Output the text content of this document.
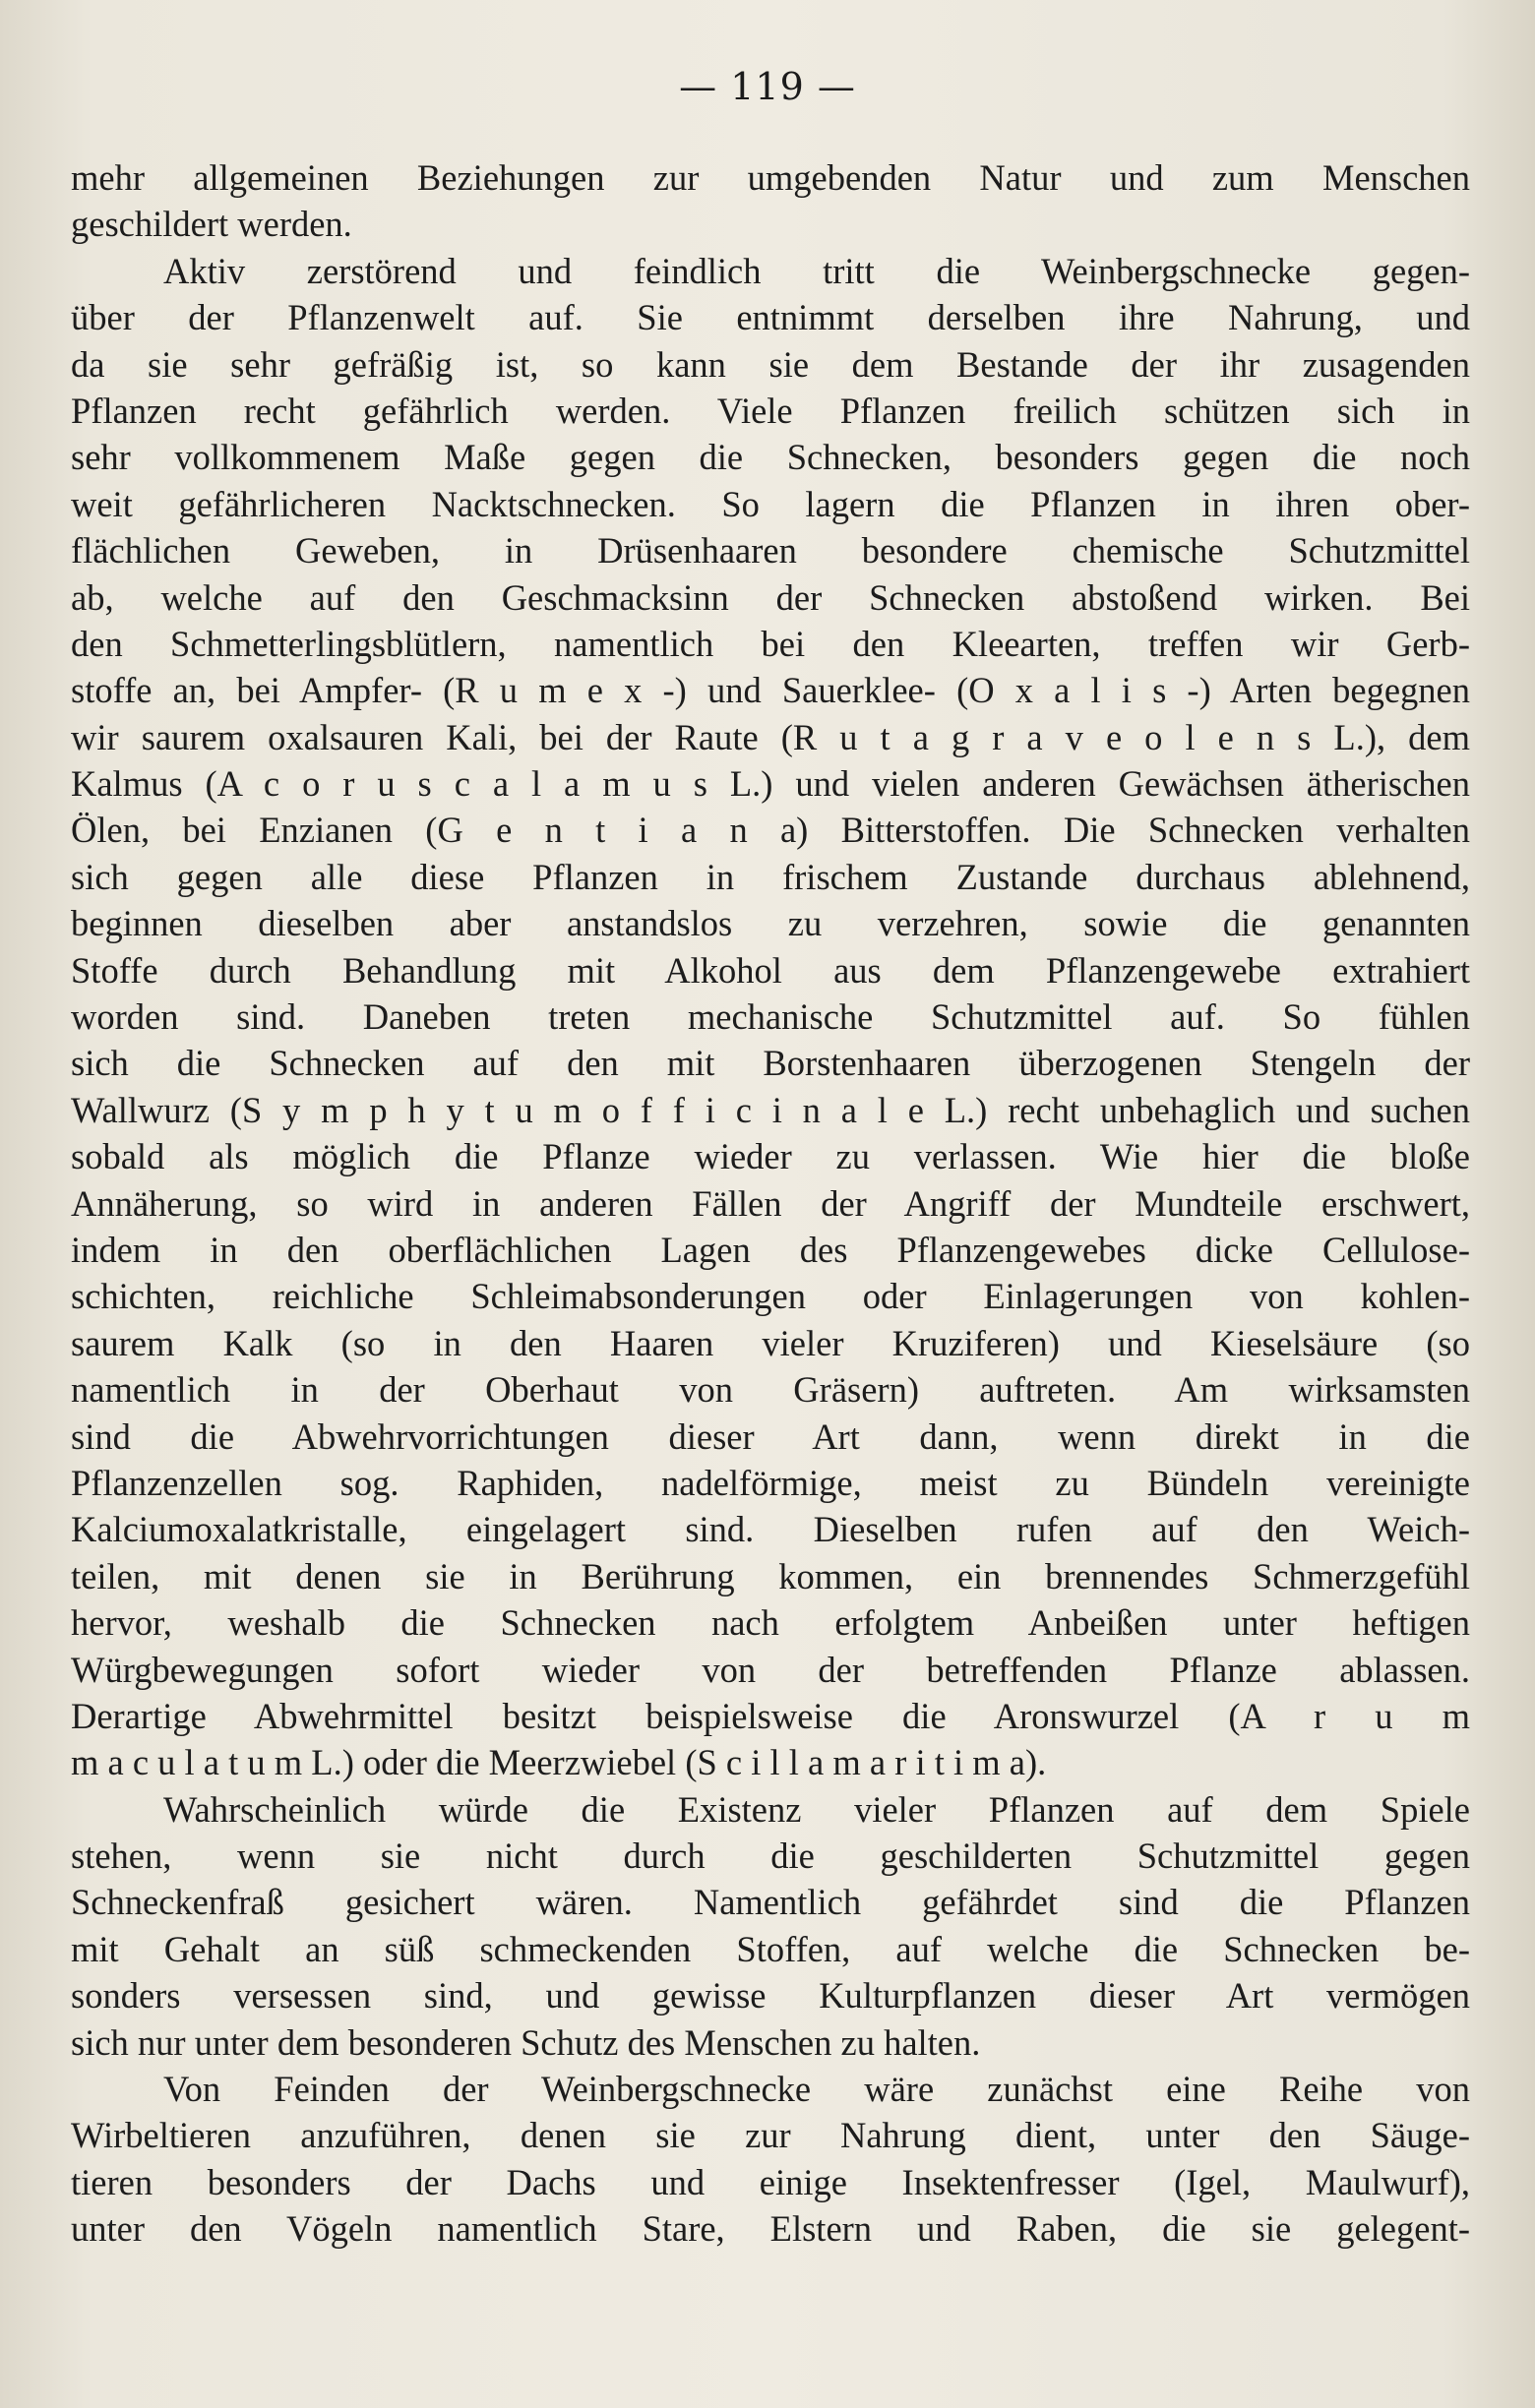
— 119 —
mehr allgemeinen Beziehungen zur umgebenden Natur und zum Menschen
geschildert werden.
Aktiv zerstörend und feindlich tritt die Weinbergschnecke gegen-
über der Pflanzenwelt auf. Sie entnimmt derselben ihre Nahrung, und
da sie sehr gefräßig ist, so kann sie dem Bestande der ihr zusagenden
Pflanzen recht gefährlich werden. Viele Pflanzen freilich schützen sich in
sehr vollkommenem Maße gegen die Schnecken, besonders gegen die noch
weit gefährlicheren Nacktschnecken. So lagern die Pflanzen in ihren ober-
flächlichen Geweben, in Drüsenhaaren besondere chemische Schutzmittel
ab, welche auf den Geschmacksinn der Schnecken abstoßend wirken. Bei
den Schmetterlingsblütlern, namentlich bei den Kleearten, treffen wir Gerb-
stoffe an, bei Ampfer- (R u m e x -) und Sauerklee- (O x a l i s -) Arten begegnen
wir saurem oxalsauren Kali, bei der Raute (R u t a g r a v e o l e n s L.), dem
Kalmus (A c o r u s c a l a m u s L.) und vielen anderen Gewächsen ätherischen
Ölen, bei Enzianen (G e n t i a n a) Bitterstoffen. Die Schnecken verhalten
sich gegen alle diese Pflanzen in frischem Zustande durchaus ablehnend,
beginnen dieselben aber anstandslos zu verzehren, sowie die genannten
Stoffe durch Behandlung mit Alkohol aus dem Pflanzengewebe extrahiert
worden sind. Daneben treten mechanische Schutzmittel auf. So fühlen
sich die Schnecken auf den mit Borstenhaaren überzogenen Stengeln der
Wallwurz (S y m p h y t u m o f f i c i n a l e L.) recht unbehaglich und suchen
sobald als möglich die Pflanze wieder zu verlassen. Wie hier die bloße
Annäherung, so wird in anderen Fällen der Angriff der Mundteile erschwert,
indem in den oberflächlichen Lagen des Pflanzengewebes dicke Cellulose-
schichten, reichliche Schleimabsonderungen oder Einlagerungen von kohlen-
saurem Kalk (so in den Haaren vieler Kruziferen) und Kieselsäure (so
namentlich in der Oberhaut von Gräsern) auftreten. Am wirksamsten
sind die Abwehrvorrichtungen dieser Art dann, wenn direkt in die
Pflanzenzellen sog. Raphiden, nadelförmige, meist zu Bündeln vereinigte
Kalciumoxalatkristalle, eingelagert sind. Dieselben rufen auf den Weich-
teilen, mit denen sie in Berührung kommen, ein brennendes Schmerzgefühl
hervor, weshalb die Schnecken nach erfolgtem Anbeißen unter heftigen
Würgbewegungen sofort wieder von der betreffenden Pflanze ablassen.
Derartige Abwehrmittel besitzt beispielsweise die Aronswurzel (A r u m
m a c u l a t u m L.) oder die Meerzwiebel (S c i l l a m a r i t i m a).
Wahrscheinlich würde die Existenz vieler Pflanzen auf dem Spiele
stehen, wenn sie nicht durch die geschilderten Schutzmittel gegen
Schneckenfraß gesichert wären. Namentlich gefährdet sind die Pflanzen
mit Gehalt an süß schmeckenden Stoffen, auf welche die Schnecken be-
sonders versessen sind, und gewisse Kulturpflanzen dieser Art vermögen
sich nur unter dem besonderen Schutz des Menschen zu halten.
Von Feinden der Weinbergschnecke wäre zunächst eine Reihe von
Wirbeltieren anzuführen, denen sie zur Nahrung dient, unter den Säuge-
tieren besonders der Dachs und einige Insektenfresser (Igel, Maulwurf),
unter den Vögeln namentlich Stare, Elstern und Raben, die sie gelegent-
